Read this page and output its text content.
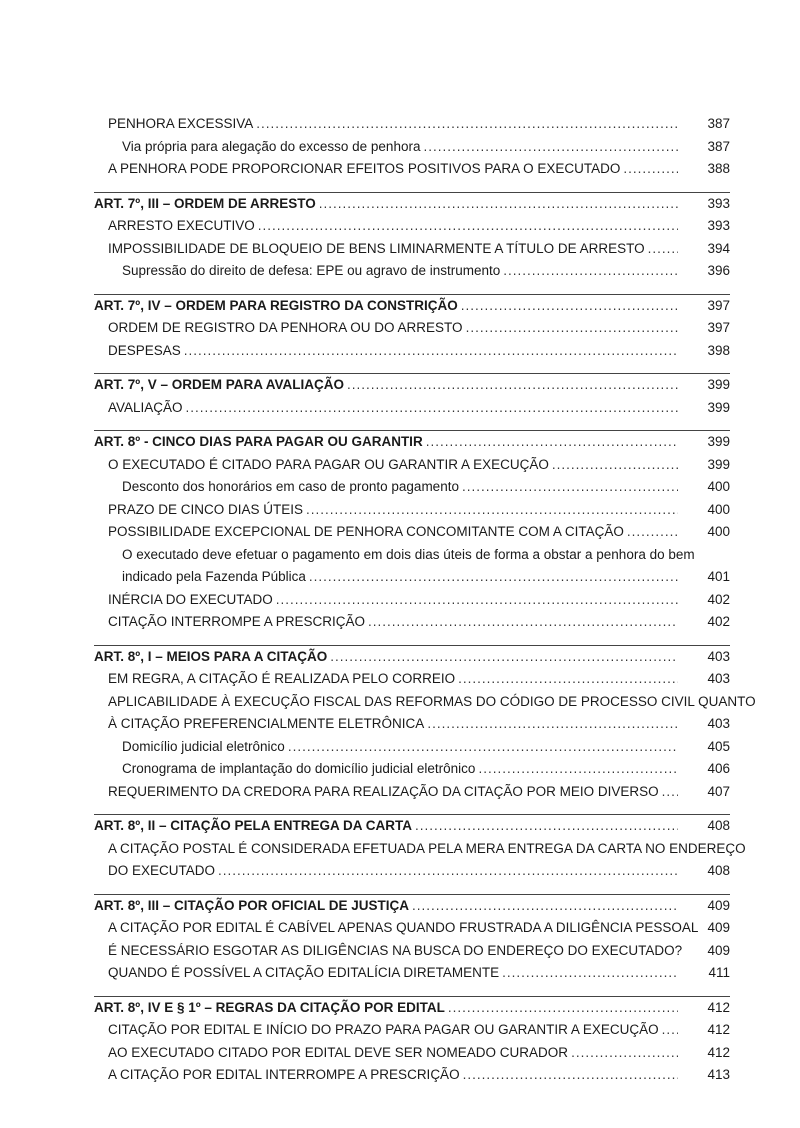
PENHORA EXCESSIVA .....	387
Via própria para alegação do excesso de penhora .....	387
A PENHORA PODE PROPORCIONAR EFEITOS POSITIVOS PARA O EXECUTADO .....	388
ART. 7º, III – ORDEM DE ARRESTO .....	393
ARRESTO EXECUTIVO .....	393
IMPOSSIBILIDADE DE BLOQUEIO DE BENS LIMINARMENTE A TÍTULO DE ARRESTO .....	394
Supressão do direito de defesa: EPE ou agravo de instrumento .....	396
ART. 7º, IV – ORDEM PARA REGISTRO DA CONSTRIÇÃO .....	397
ORDEM DE REGISTRO DA PENHORA OU DO ARRESTO .....	397
DESPESAS .....	398
ART. 7º, V – ORDEM PARA AVALIAÇÃO .....	399
AVALIAÇÃO .....	399
ART. 8º - CINCO DIAS PARA PAGAR OU GARANTIR .....	399
O EXECUTADO É CITADO PARA PAGAR OU GARANTIR A EXECUÇÃO .....	399
Desconto dos honorários em caso de pronto pagamento .....	400
PRAZO DE CINCO DIAS ÚTEIS .....	400
POSSIBILIDADE EXCEPCIONAL DE PENHORA CONCOMITANTE COM A CITAÇÃO .....	400
O executado deve efetuar o pagamento em dois dias úteis de forma a obstar a penhora do bem
indicado pela Fazenda Pública .....	401
INÉRCIA DO EXECUTADO .....	402
CITAÇÃO INTERROMPE A PRESCRIÇÃO .....	402
ART. 8º, I – MEIOS PARA A CITAÇÃO .....	403
EM REGRA, A CITAÇÃO É REALIZADA PELO CORREIO .....	403
APLICABILIDADE À EXECUÇÃO FISCAL DAS REFORMAS DO CÓDIGO DE PROCESSO CIVIL QUANTO
À CITAÇÃO PREFERENCIALMENTE ELETRÔNICA .....	403
Domicílio judicial eletrônico .....	405
Cronograma de implantação do domicílio judicial eletrônico .....	406
REQUERIMENTO DA CREDORA PARA REALIZAÇÃO DA CITAÇÃO POR MEIO DIVERSO .....	407
ART. 8º, II – CITAÇÃO PELA ENTREGA DA CARTA .....	408
A CITAÇÃO POSTAL É CONSIDERADA EFETUADA PELA MERA ENTREGA DA CARTA NO ENDEREÇO
DO EXECUTADO .....	408
ART. 8º, III – CITAÇÃO POR OFICIAL DE JUSTIÇA .....	409
A CITAÇÃO POR EDITAL É CABÍVEL APENAS QUANDO FRUSTRADA A DILIGÊNCIA PESSOAL 409
É NECESSÁRIO ESGOTAR AS DILIGÊNCIAS NA BUSCA DO ENDEREÇO DO EXECUTADO?	409
QUANDO É POSSÍVEL A CITAÇÃO EDITALÍCIA DIRETAMENTE .....	411
ART. 8º, IV E § 1º – REGRAS DA CITAÇÃO POR EDITAL .....	412
CITAÇÃO POR EDITAL E INÍCIO DO PRAZO PARA PAGAR OU GARANTIR A EXECUÇÃO .....	412
AO EXECUTADO CITADO POR EDITAL DEVE SER NOMEADO CURADOR .....	412
A CITAÇÃO POR EDITAL INTERROMPE A PRESCRIÇÃO .....	413
